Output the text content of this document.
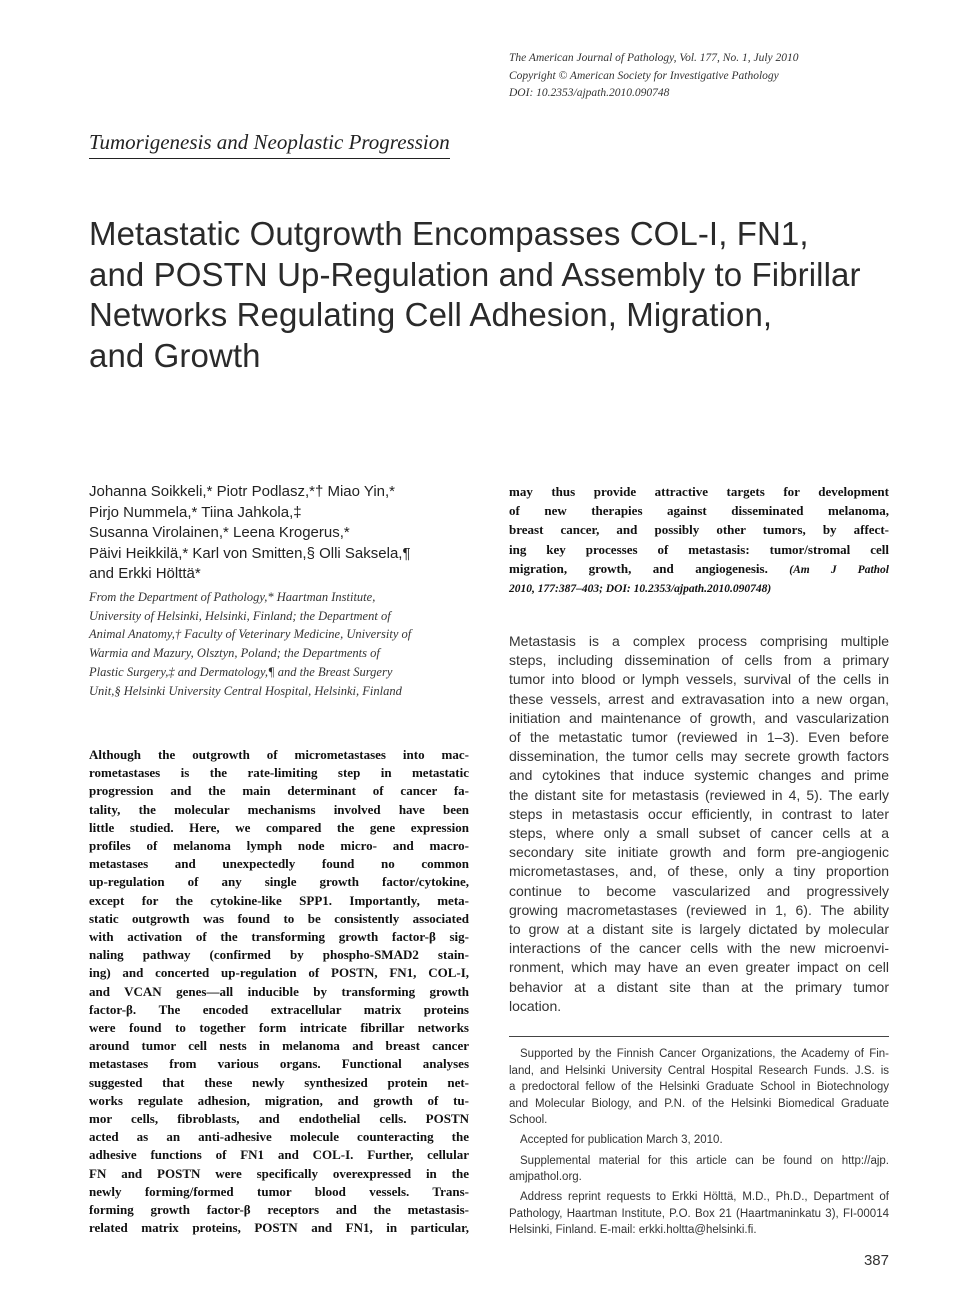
The American Journal of Pathology, Vol. 177, No. 1, July 2010
Copyright © American Society for Investigative Pathology
DOI: 10.2353/ajpath.2010.090748
Tumorigenesis and Neoplastic Progression
Metastatic Outgrowth Encompasses COL-I, FN1,
and POSTN Up-Regulation and Assembly to Fibrillar
Networks Regulating Cell Adhesion, Migration,
and Growth
Johanna Soikkeli,* Piotr Podlasz,*† Miao Yin,*
Pirjo Nummela,* Tiina Jahkola,‡
Susanna Virolainen,* Leena Krogerus,*
Päivi Heikkilä,* Karl von Smitten,§ Olli Saksela,¶
and Erkki Hölttä*
From the Department of Pathology,* Haartman Institute,
University of Helsinki, Helsinki, Finland; the Department of
Animal Anatomy,† Faculty of Veterinary Medicine, University of
Warmia and Mazury, Olsztyn, Poland; the Departments of
Plastic Surgery,‡ and Dermatology,¶ and the Breast Surgery
Unit,§ Helsinki University Central Hospital, Helsinki, Finland
Although the outgrowth of micrometastases into mac-
rometastases is the rate-limiting step in metastatic
progression and the main determinant of cancer fa-
tality, the molecular mechanisms involved have been
little studied. Here, we compared the gene expression
profiles of melanoma lymph node micro- and macro-
metastases and unexpectedly found no common
up-regulation of any single growth factor/cytokine,
except for the cytokine-like SPP1. Importantly, meta-
static outgrowth was found to be consistently associated
with activation of the transforming growth factor-β sig-
naling pathway (confirmed by phospho-SMAD2 stain-
ing) and concerted up-regulation of POSTN, FN1, COL-I,
and VCAN genes—all inducible by transforming growth
factor-β. The encoded extracellular matrix proteins
were found to together form intricate fibrillar networks
around tumor cell nests in melanoma and breast cancer
metastases from various organs. Functional analyses
suggested that these newly synthesized protein net-
works regulate adhesion, migration, and growth of tu-
mor cells, fibroblasts, and endothelial cells. POSTN
acted as an anti-adhesive molecule counteracting the
adhesive functions of FN1 and COL-I. Further, cellular
FN and POSTN were specifically overexpressed in the
newly forming/formed tumor blood vessels. Trans-
forming growth factor-β receptors and the metastasis-
related matrix proteins, POSTN and FN1, in particular,
may thus provide attractive targets for development
of new therapies against disseminated melanoma,
breast cancer, and possibly other tumors, by affect-
ing key processes of metastasis: tumor/stromal cell
migration, growth, and angiogenesis. (Am J Pathol
2010, 177:387–403; DOI: 10.2353/ajpath.2010.090748)
Metastasis is a complex process comprising multiple
steps, including dissemination of cells from a primary
tumor into blood or lymph vessels, survival of the cells in
these vessels, arrest and extravasation into a new organ,
initiation and maintenance of growth, and vascularization
of the metastatic tumor (reviewed in 1–3). Even before
dissemination, the tumor cells may secrete growth factors
and cytokines that induce systemic changes and prime
the distant site for metastasis (reviewed in 4, 5). The early
steps in metastasis occur efficiently, in contrast to later
steps, where only a small subset of cancer cells at a
secondary site initiate growth and form pre-angiogenic
micrometastases, and, of these, only a tiny proportion
continue to become vascularized and progressively
growing macrometastases (reviewed in 1, 6). The ability
to grow at a distant site is largely dictated by molecular
interactions of the cancer cells with the new microenvi-
ronment, which may have an even greater impact on cell
behavior at a distant site than at the primary tumor
location.
Supported by the Finnish Cancer Organizations, the Academy of Fin-
land, and Helsinki University Central Hospital Research Funds. J.S. is
a predoctoral fellow of the Helsinki Graduate School in Biotechnology
and Molecular Biology, and P.N. of the Helsinki Biomedical Graduate
School.
Accepted for publication March 3, 2010.
Supplemental material for this article can be found on http://ajp.
amjpathol.org.
Address reprint requests to Erkki Hölttä, M.D., Ph.D., Department of
Pathology, Haartman Institute, P.O. Box 21 (Haartmaninkatu 3), FI-00014
Helsinki, Finland. E-mail: erkki.holtta@helsinki.fi.
387
